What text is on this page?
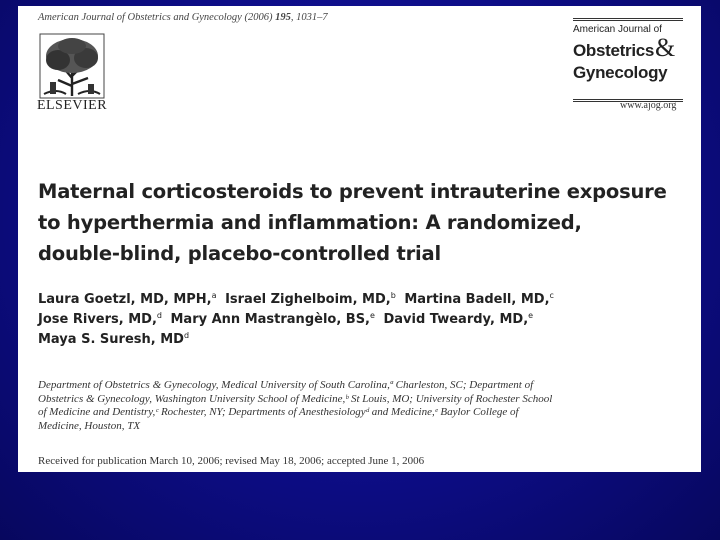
American Journal of Obstetrics and Gynecology (2006) 195, 1031–7
ELSEVIER
American Journal of
Obstetrics &
Gynecology
www.ajog.org
Maternal corticosteroids to prevent intrauterine exposure
to hyperthermia and inflammation: A randomized,
double-blind, placebo-controlled trial
Laura Goetzl, MD, MPH,$^a$ Israel Zighelboim, MD,$^b$ Martina Badell, MD,$^c$
Jose Rivers, MD,$^d$ Mary Ann Mastrangèlo, BS,$^e$ David Tweardy, MD,$^e$
Maya S. Suresh, $MD^d$
Department of Obstetrics & Gynecology, Medical University of South Carolina,ª Charleston, SC; Department of
Obstetrics & Gynecology, Washington University School of Medicine,ᵇ St Louis, MO; University of Rochester School
of Medicine and Dentistry,ᶜ Rochester, NY; Departments of Anesthesiologyᵈ and Medicine,ᵉ Baylor College of
Medicine, Houston, TX
Received for publication March 10, 2006; revised May 18, 2006; accepted June 1, 2006
